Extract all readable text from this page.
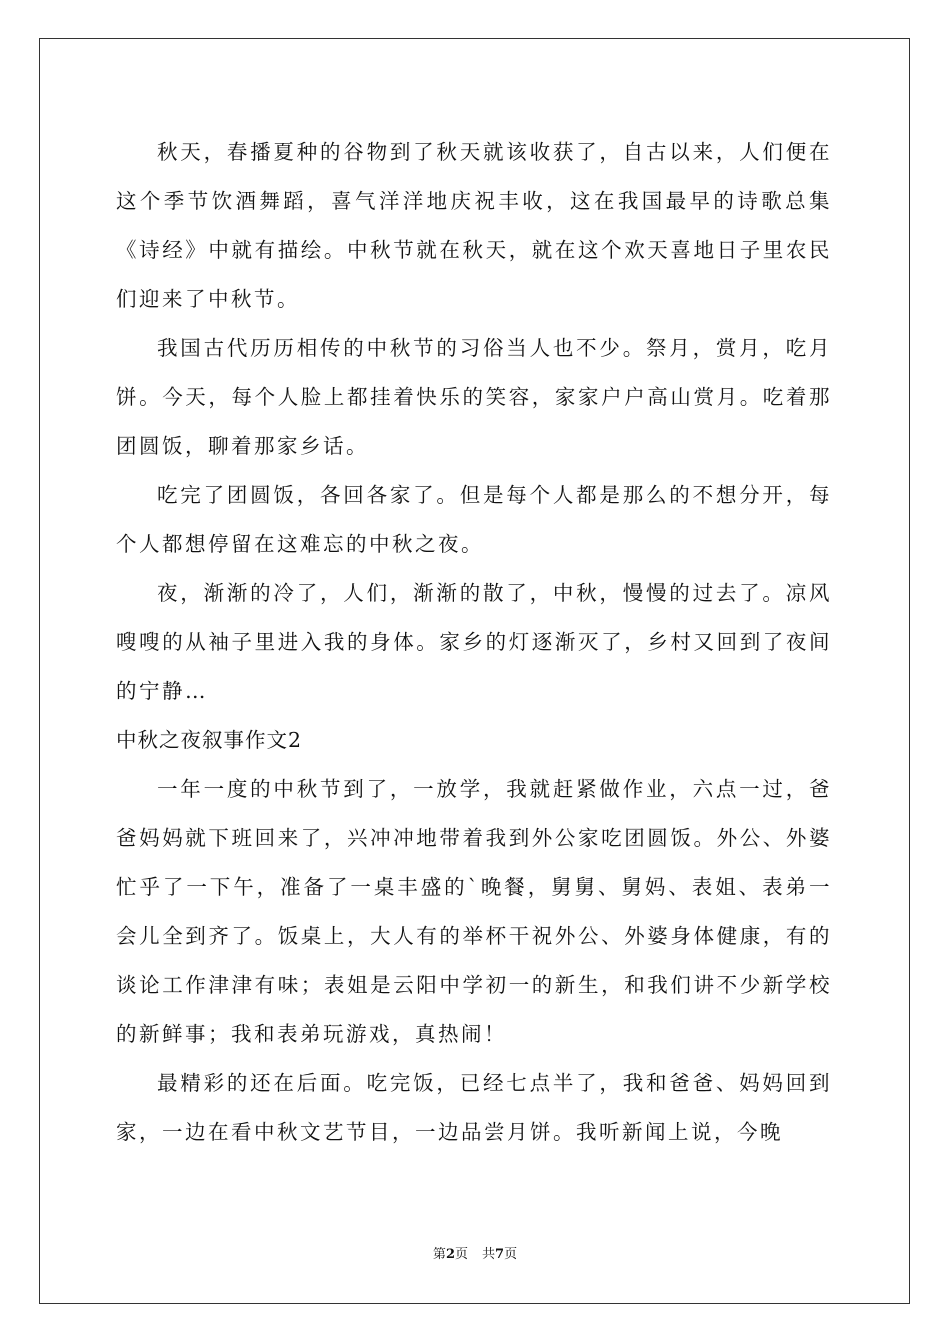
秋天，春播夏种的谷物到了秋天就该收获了，自古以来，人们便在这个季节饮酒舞蹈，喜气洋洋地庆祝丰收，这在我国最早的诗歌总集《诗经》中就有描绘。中秋节就在秋天，就在这个欢天喜地日子里农民们迎来了中秋节。

我国古代历历相传的中秋节的习俗当人也不少。祭月，赏月，吃月饼。今天，每个人脸上都挂着快乐的笑容，家家户户高山赏月。吃着那团圆饭，聊着那家乡话。

吃完了团圆饭，各回各家了。但是每个人都是那么的不想分开，每个人都想停留在这难忘的中秋之夜。

夜，渐渐的冷了，人们，渐渐的散了，中秋，慢慢的过去了。凉风嗖嗖的从袖子里进入我的身体。家乡的灯逐渐灭了，乡村又回到了夜间的宁静…

中秋之夜叙事作文2

一年一度的中秋节到了，一放学，我就赶紧做作业，六点一过，爸爸妈妈就下班回来了，兴冲冲地带着我到外公家吃团圆饭。外公、外婆忙乎了一下午，准备了一桌丰盛的`晚餐，舅舅、舅妈、表姐、表弟一会儿全到齐了。饭桌上，大人有的举杯干祝外公、外婆身体健康，有的谈论工作津津有味；表姐是云阳中学初一的新生，和我们讲不少新学校的新鲜事；我和表弟玩游戏，真热闹！

最精彩的还在后面。吃完饭，已经七点半了，我和爸爸、妈妈回到家，一边在看中秋文艺节目，一边品尝月饼。我听新闻上说，今晚

第2页 共7页
